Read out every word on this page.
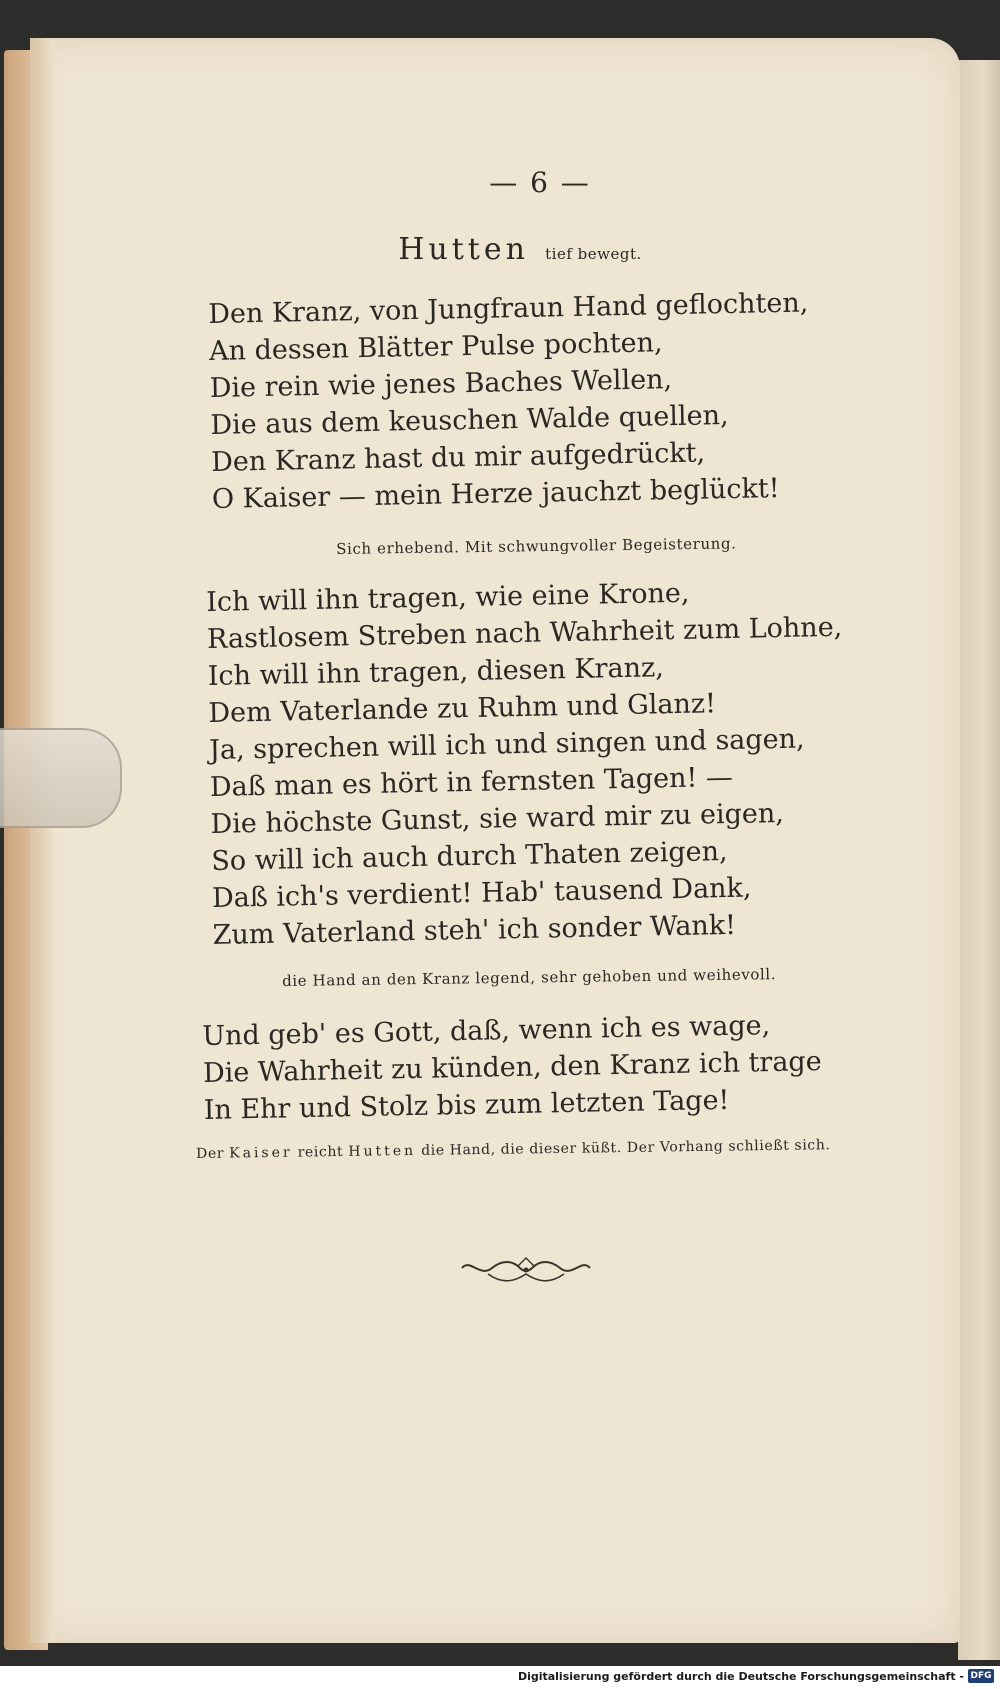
— 6 —
Hutten tief bewegt.
Den Kranz, von Jungfraun Hand geflochten,
An dessen Blätter Pulse pochten,
Die rein wie jenes Baches Wellen,
Die aus dem keuschen Walde quellen,
Den Kranz hast du mir aufgedrückt,
O Kaiser — mein Herze jauchzt beglückt!
Sich erhebend. Mit schwungvoller Begeisterung.
Ich will ihn tragen, wie eine Krone,
Rastlosem Streben nach Wahrheit zum Lohne,
Ich will ihn tragen, diesen Kranz,
Dem Vaterlande zu Ruhm und Glanz!
Ja, sprechen will ich und singen und sagen,
Daß man es hört in fernsten Tagen! —
Die höchste Gunst, sie ward mir zu eigen,
So will ich auch durch Thaten zeigen,
Daß ich's verdient! Hab' tausend Dank,
Zum Vaterland steh' ich sonder Wank!
die Hand an den Kranz legend, sehr gehoben und weihevoll.
Und geb' es Gott, daß, wenn ich es wage,
Die Wahrheit zu künden, den Kranz ich trage
In Ehr und Stolz bis zum letzten Tage!
Der Kaiser reicht Hutten die Hand, die dieser küßt. Der Vorhang schließt sich.
Digitalisierung gefördert durch die Deutsche Forschungsgemeinschaft - DFG
